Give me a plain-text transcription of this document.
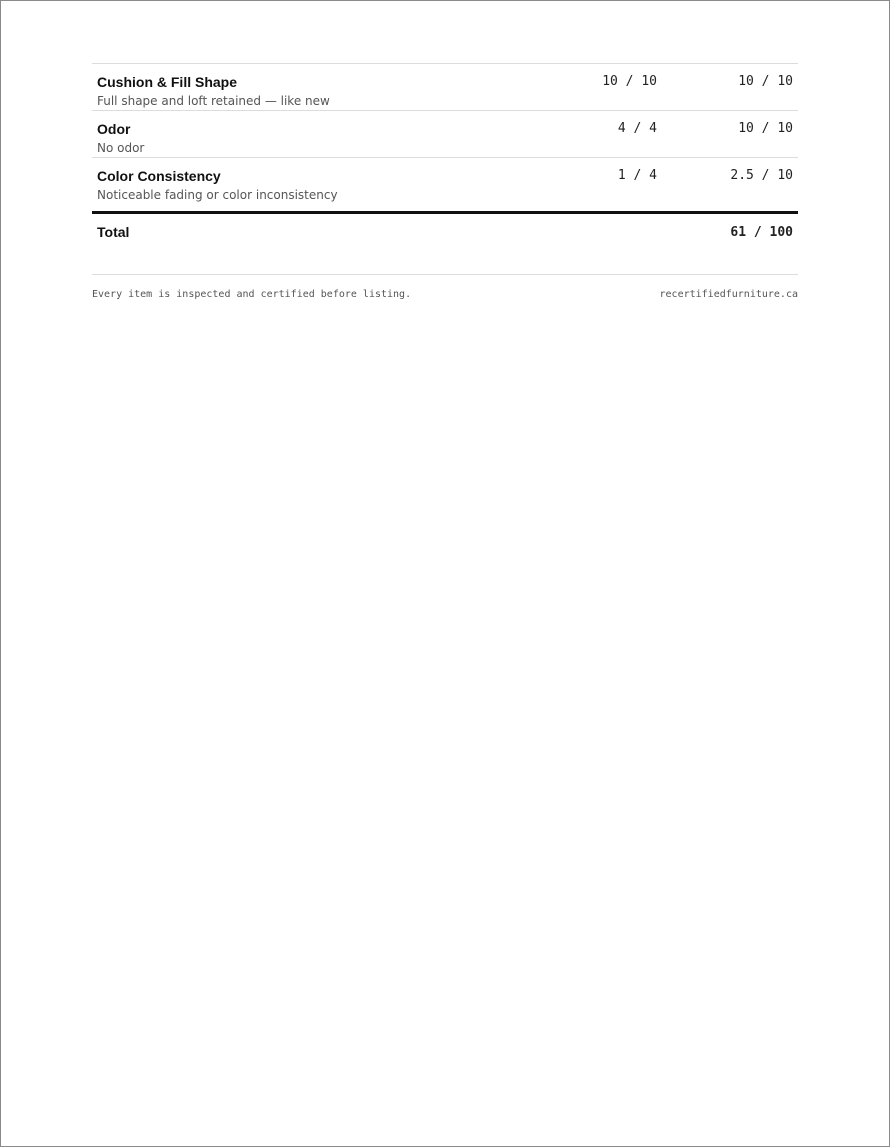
Cushion & Fill Shape
Full shape and loft retained — like new	10 / 10	10 / 10

Odor
No odor	4 / 4	10 / 10

Color Consistency
Noticeable fading or color inconsistency	1 / 4	2.5 / 10
Total		61 / 100
Every item is inspected and certified before listing.	recertifiedfurniture.ca
